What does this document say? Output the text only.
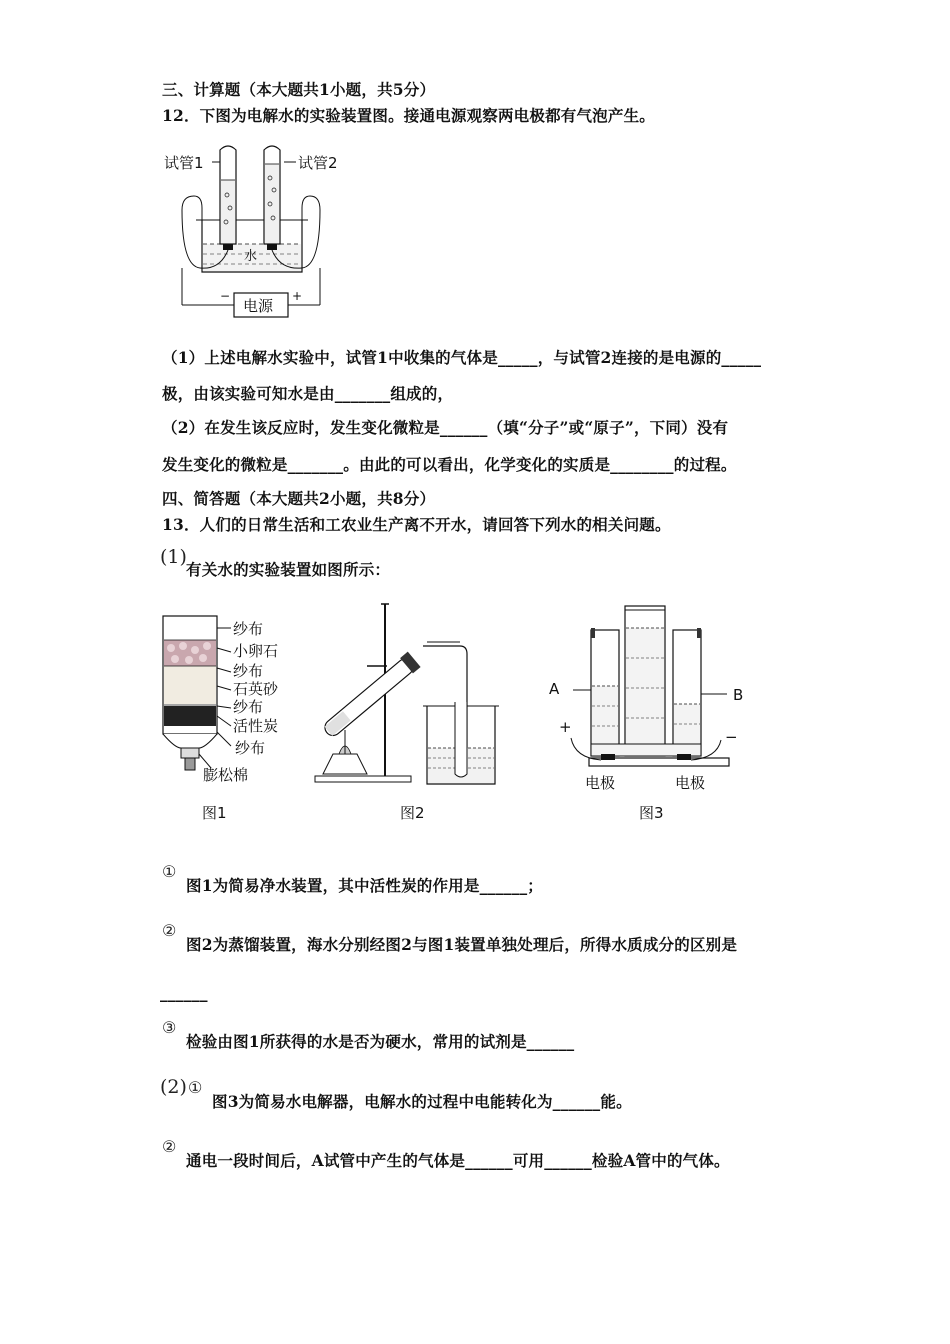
三、计算题（本大题共1小题，共5分）
12．下图为电解水的实验装置图。接通电源观察两电极都有气泡产生。
试管1	试管2
水
电源
−	+
（1）上述电解水实验中，试管1中收集的气体是_____，与试管2连接的是电源的_____
极，由该实验可知水是由_______组成的，
（2）在发生该反应时，发生变化微粒是______（填“分子”或“原子”，下同）没有
发生变化的微粒是_______。由此的可以看出，化学变化的实质是________的过程。
四、简答题（本大题共2小题，共8分）
13．人们的日常生活和工农业生产离不开水，请回答下列水的相关问题。
(1)
有关水的实验装置如图所示：
纱布
小卵石
纱布
石英砂
纱布
活性炭
纱布
膨松棉
图1	图2
A	B
+
−
电极	电极
图3
①
图1为简易净水装置，其中活性炭的作用是______；
②
图2为蒸馏装置，海水分别经图2与图1装置单独处理后，所得水质成分的区别是
______
③
检验由图1所获得的水是否为硬水，常用的试剂是______
(2) ①
图3为简易水电解器，电解水的过程中电能转化为______能。
②
通电一段时间后，A试管中产生的气体是______可用______检验A管中的气体。
